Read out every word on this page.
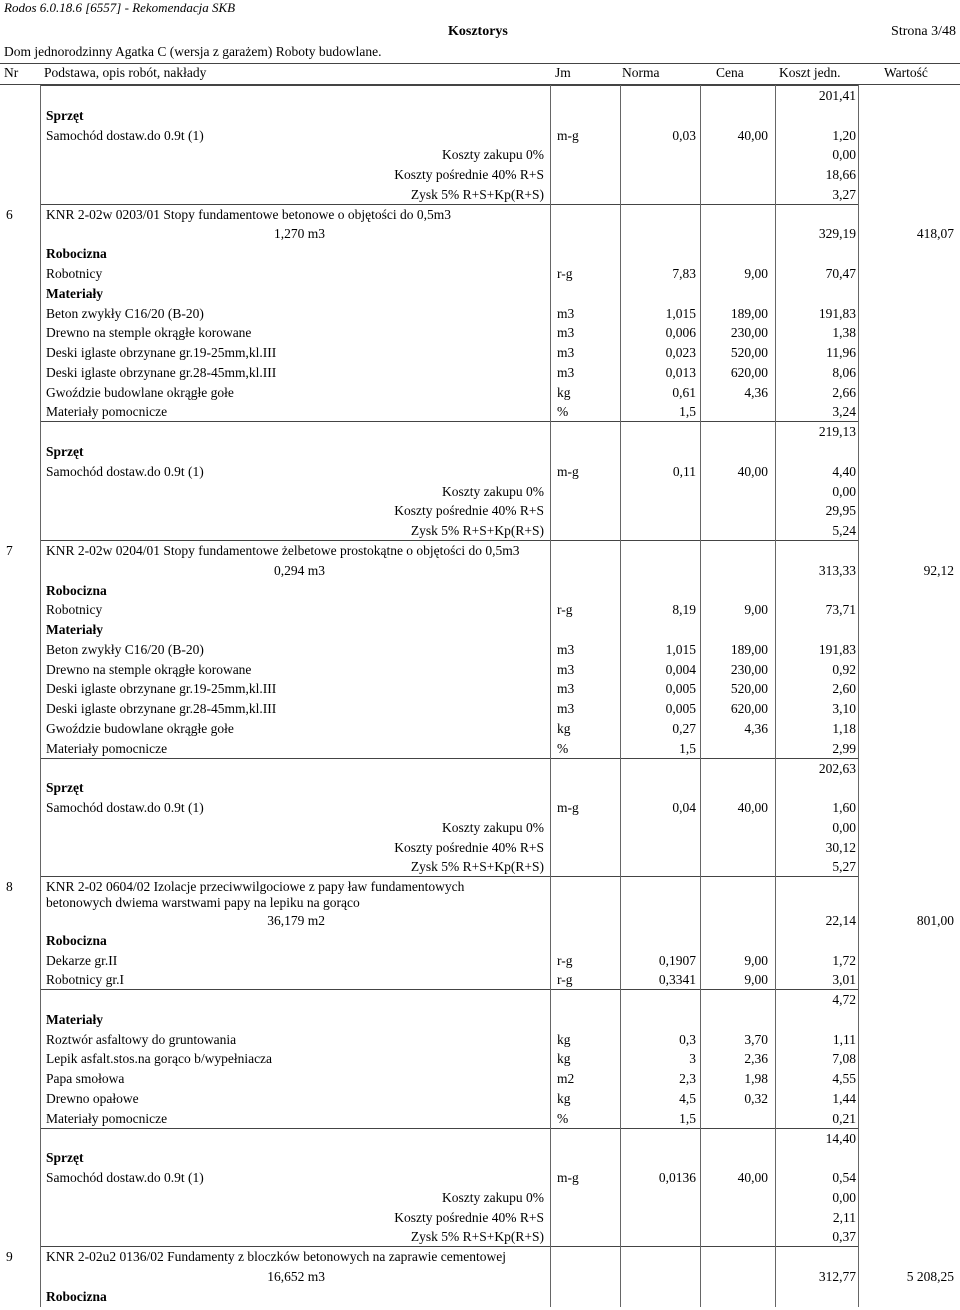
Rodos 6.0.18.6 [6557] - Rekomendacja SKB
Kosztorys	Strona 3/48
Dom jednorodzinny Agatka C (wersja z garażem) Roboty budowlane.
Nr Podstawa, opis robót, nakłady	Jm	Norma	Cena	Koszt jedn.	Wartość
201,41
Sprzęt
Samochód dostaw.do 0.9t (1)	m-g	0,03	40,00	1,20
Koszty zakupu 0%	0,00
Koszty pośrednie 40% R+S	18,66
Zysk 5% R+S+Kp(R+S)	3,27
6 KNR 2-02w 0203/01 Stopy fundamentowe betonowe o objętości do 0,5m3
1,270 m3	329,19	418,07
Robocizna
Robotnicy	r-g	7,83	9,00	70,47
Materiały
Beton zwykły C16/20 (B-20)	m3	1,015	189,00	191,83
Drewno na stemple okrągłe korowane	m3	0,006	230,00	1,38
Deski iglaste obrzynane gr.19-25mm,kl.III	m3	0,023	520,00	11,96
Deski iglaste obrzynane gr.28-45mm,kl.III	m3	0,013	620,00	8,06
Gwoździe budowlane okrągłe gołe	kg	0,61	4,36	2,66
Materiały pomocnicze	%	1,5	3,24
219,13
Sprzęt
Samochód dostaw.do 0.9t (1)	m-g	0,11	40,00	4,40
Koszty zakupu 0%	0,00
Koszty pośrednie 40% R+S	29,95
Zysk 5% R+S+Kp(R+S)	5,24
7 KNR 2-02w 0204/01 Stopy fundamentowe żelbetowe prostokątne o objętości do 0,5m3
0,294 m3	313,33	92,12
Robocizna
Robotnicy	r-g	8,19	9,00	73,71
Materiały
Beton zwykły C16/20 (B-20)	m3	1,015	189,00	191,83
Drewno na stemple okrągłe korowane	m3	0,004	230,00	0,92
Deski iglaste obrzynane gr.19-25mm,kl.III	m3	0,005	520,00	2,60
Deski iglaste obrzynane gr.28-45mm,kl.III	m3	0,005	620,00	3,10
Gwoździe budowlane okrągłe gołe	kg	0,27	4,36	1,18
Materiały pomocnicze	%	1,5	2,99
202,63
Sprzęt
Samochód dostaw.do 0.9t (1)	m-g	0,04	40,00	1,60
Koszty zakupu 0%	0,00
Koszty pośrednie 40% R+S	30,12
Zysk 5% R+S+Kp(R+S)	5,27
8 KNR 2-02 0604/02 Izolacje przeciwwilgociowe z papy ław fundamentowych
betonowych dwiema warstwami papy na lepiku na gorąco
36,179 m2	22,14	801,00
Robocizna
Dekarze gr.II	r-g	0,1907	9,00	1,72
Robotnicy gr.I	r-g	0,3341	9,00	3,01
4,72
Materiały
Roztwór asfaltowy do gruntowania	kg	0,3	3,70	1,11
Lepik asfalt.stos.na gorąco b/wypełniacza	kg	3	2,36	7,08
Papa smołowa	m2	2,3	1,98	4,55
Drewno opałowe	kg	4,5	0,32	1,44
Materiały pomocnicze	%	1,5	0,21
14,40
Sprzęt
Samochód dostaw.do 0.9t (1)	m-g	0,0136	40,00	0,54
Koszty zakupu 0%	0,00
Koszty pośrednie 40% R+S	2,11
Zysk 5% R+S+Kp(R+S)	0,37
9 KNR 2-02u2 0136/02 Fundamenty z bloczków betonowych na zaprawie cementowej
16,652 m3	312,77	5 208,25
Robocizna
